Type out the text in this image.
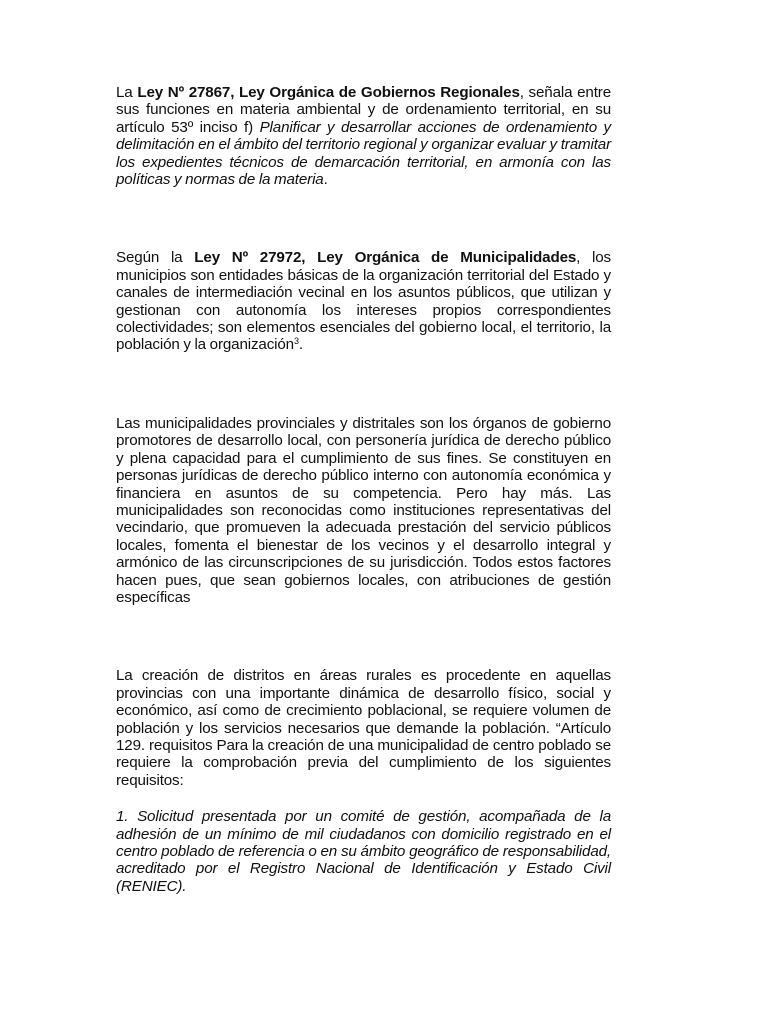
La Ley Nº 27867, Ley Orgánica de Gobiernos Regionales, señala entre sus funciones en materia ambiental y de ordenamiento territorial, en su artículo 53º inciso f) Planificar y desarrollar acciones de ordenamiento y delimitación en el ámbito del territorio regional y organizar evaluar y tramitar los expedientes técnicos de demarcación territorial, en armonía con las políticas y normas de la materia.

Según la Ley Nº 27972, Ley Orgánica de Municipalidades, los municipios son entidades básicas de la organización territorial del Estado y canales de intermediación vecinal en los asuntos públicos, que utilizan y gestionan con autonomía los intereses propios correspondientes colectividades; son elementos esenciales del gobierno local, el territorio, la población y la organización$^3$.

Las municipalidades provinciales y distritales son los órganos de gobierno promotores de desarrollo local, con personería jurídica de derecho público y plena capacidad para el cumplimiento de sus fines. Se constituyen en personas jurídicas de derecho público interno con autonomía económica y financiera en asuntos de su competencia. Pero hay más. Las municipalidades son reconocidas como instituciones representativas del vecindario, que promueven la adecuada prestación del servicio públicos locales, fomenta el bienestar de los vecinos y el desarrollo integral y armónico de las circunscripciones de su jurisdicción. Todos estos factores hacen pues, que sean gobiernos locales, con atribuciones de gestión específicas

La creación de distritos en áreas rurales es procedente en aquellas provincias con una importante dinámica de desarrollo físico, social y económico, así como de crecimiento poblacional, se requiere volumen de población y los servicios necesarios que demande la población. “Artículo 129. requisitos Para la creación de una municipalidad de centro poblado se requiere la comprobación previa del cumplimiento de los siguientes requisitos:

1. Solicitud presentada por un comité de gestión, acompañada de la adhesión de un mínimo de mil ciudadanos con domicilio registrado en el centro poblado de referencia o en su ámbito geográfico de responsabilidad, acreditado por el Registro Nacional de Identificación y Estado Civil (RENIEC).
